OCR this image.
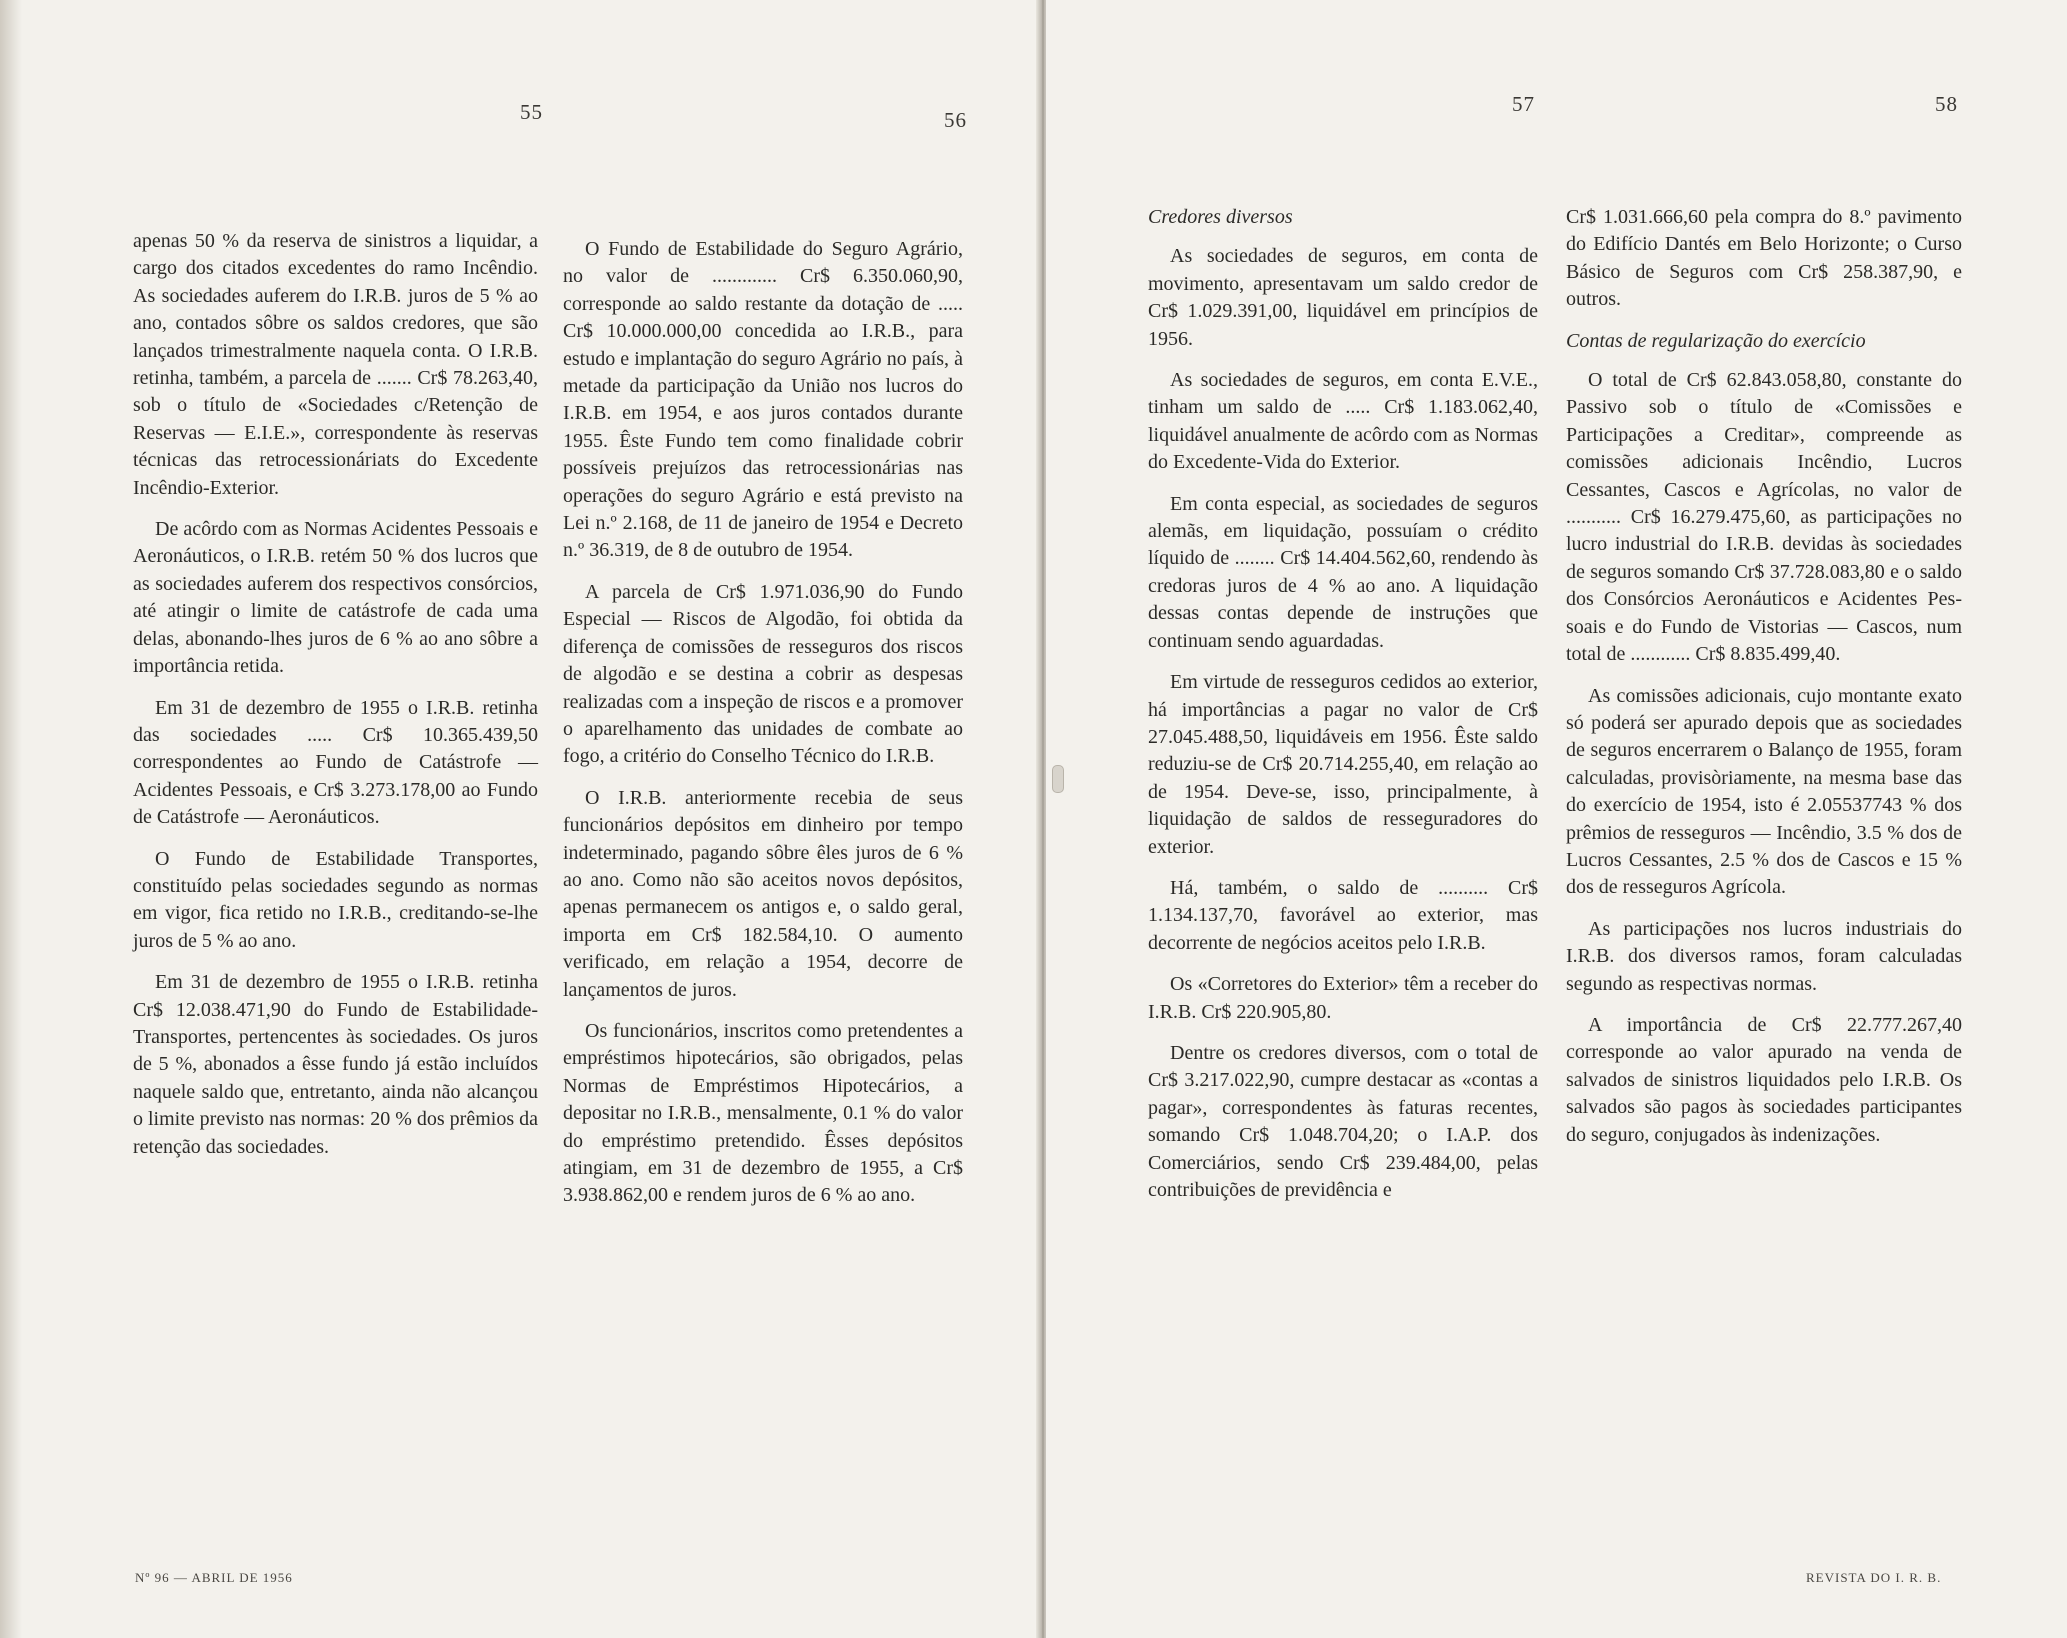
55	56

apenas 50 % da reserva de sinistros a liquidar, a cargo dos citados excedentes do ramo Incêndio. As sociedades auferem do I.R.B. juros de 5 % ao ano, contados sôbre os saldos credores, que são lançados trimestralmente naquela conta. O I.R.B. retinha, também, a parcela de ....... Cr$ 78.263,40, sob o título de «Sociedades c/Retenção de Reservas — E.I.E.», correspondente às reservas técnicas das retrocessionáriats do Excedente Incêndio-Exterior.

De acôrdo com as Normas Acidentes Pessoais e Aeronáuticos, o I.R.B. retém 50 % dos lucros que as sociedades auferem dos respectivos consórcios, até atingir o limite de catástrofe de cada uma delas, abonando-lhes juros de 6 % ao ano sôbre a importância retida.

Em 31 de dezembro de 1955 o I.R.B. retinha das sociedades ..... Cr$ 10.365.439,50 correspondentes ao Fundo de Catástrofe — Acidentes Pessoais, e Cr$ 3.273.178,00 ao Fundo de Catástrofe — Aeronáuticos.

O Fundo de Estabilidade Transportes, constituído pelas sociedades segundo as normas em vigor, fica retido no I.R.B., creditando-se-lhe juros de 5 % ao ano.

Em 31 de dezembro de 1955 o I.R.B. retinha Cr$ 12.038.471,90 do Fundo de Estabilidade-Transportes, pertencentes às sociedades. Os juros de 5 %, abonados a êsse fundo já estão incluídos naquele saldo que, entretanto, ainda não alcançou o limite previsto nas normas: 20 % dos prêmios da retenção das sociedades.

O Fundo de Estabilidade do Seguro Agrário, no valor de ............. Cr$ 6.350.060,90, corresponde ao saldo restante da dotação de ..... Cr$ 10.000.000,00 concedida ao I.R.B., para estudo e implantação do seguro Agrário no país, à metade da participação da União nos lucros do I.R.B. em 1954, e aos juros contados durante 1955. Êste Fundo tem como finalidade cobrir possíveis prejuízos das retrocessionárias nas operações do seguro Agrário e está previsto na Lei n.º 2.168, de 11 de janeiro de 1954 e Decreto n.º 36.319, de 8 de outubro de 1954.

A parcela de Cr$ 1.971.036,90 do Fundo Especial — Riscos de Algodão, foi obtida da diferença de comissões de resseguros dos riscos de algodão e se destina a cobrir as despesas realizadas com a inspeção de riscos e a promover o aparelhamento das unidades de combate ao fogo, a critério do Conselho Técnico do I.R.B.

O I.R.B. anteriormente recebia de seus funcionários depósitos em dinheiro por tempo indeterminado, pagando sôbre êles juros de 6 % ao ano. Como não são aceitos novos depósitos, apenas permanecem os antigos e, o saldo geral, importa em Cr$ 182.584,10. O aumento verificado, em relação a 1954, decorre de lançamentos de juros.

Os funcionários, inscritos como pretendentes a empréstimos hipotecários, são obrigados, pelas Normas de Empréstimos Hipotecários, a depositar no I.R.B., mensalmente, 0.1 % do valor do empréstimo pretendido. Êsses depósitos atingiam, em 31 de dezembro de 1955, a Cr$ 3.938.862,00 e rendem juros de 6 % ao ano.

Nº 96 — ABRIL DE 1956
57	58
Credores diversos

As sociedades de seguros, em conta de movimento, apresentavam um saldo credor de Cr$ 1.029.391,00, liquidável em princípios de 1956.

As sociedades de seguros, em conta E.V.E., tinham um saldo de ..... Cr$ 1.183.062,40, liquidável anualmente de acôrdo com as Normas do Excedente-Vida do Exterior.

Em conta especial, as sociedades de seguros alemãs, em liquidação, possuíam o crédito líquido de ........ Cr$ 14.404.562,60, rendendo às credoras juros de 4 % ao ano. A liquidação dessas contas depende de instruções que continuam sendo aguardadas.

Em virtude de resseguros cedidos ao exterior, há importâncias a pagar no valor de Cr$ 27.045.488,50, liquidáveis em 1956. Êste saldo reduziu-se de Cr$ 20.714.255,40, em relação ao de 1954. Deve-se, isso, principalmente, à liquidação de saldos de resseguradores do exterior.

Há, também, o saldo de .......... Cr$ 1.134.137,70, favorável ao exterior, mas decorrente de negócios aceitos pelo I.R.B.

Os «Corretores do Exterior» têm a receber do I.R.B. Cr$ 220.905,80.

Dentre os credores diversos, com o total de Cr$ 3.217.022,90, cumpre destacar as «contas a pagar», correspondentes às faturas recentes, somando Cr$ 1.048.704,20; o I.A.P. dos Comerciários, sendo Cr$ 239.484,00, pelas contribuições de previdência e

Cr$ 1.031.666,60 pela compra do 8.º pavimento do Edifício Dantés em Belo Horizonte; o Curso Básico de Seguros com Cr$ 258.387,90, e outros.

Contas de regularização do exercício

O total de Cr$ 62.843.058,80, constante do Passivo sob o título de «Comissões e Participações a Creditar», compreende as comissões adicionais Incêndio, Lucros Cessantes, Cascos e Agrícolas, no valor de ........... Cr$ 16.279.475,60, as participações no lucro industrial do I.R.B. devidas às sociedades de seguros somando Cr$ 37.728.083,80 e o saldo dos Consórcios Aeronáuticos e Acidentes Pessoais e do Fundo de Vistorias — Cascos, num total de ............ Cr$ 8.835.499,40.

As comissões adicionais, cujo montante exato só poderá ser apurado depois que as sociedades de seguros encerrarem o Balanço de 1955, foram calculadas, provisòriamente, na mesma base das do exercício de 1954, isto é 2.05537743 % dos prêmios de resseguros — Incêndio, 3.5 % dos de Lucros Cessantes, 2.5 % dos de Cascos e 15 % dos de resseguros Agrícola.

As participações nos lucros industriais do I.R.B. dos diversos ramos, foram calculadas segundo as respectivas normas.

A importância de Cr$ 22.777.267,40 corresponde ao valor apurado na venda de salvados de sinistros liquidados pelo I.R.B. Os salvados são pagos às sociedades participantes do seguro, conjugados às indenizações.

REVISTA DO I. R. B.
